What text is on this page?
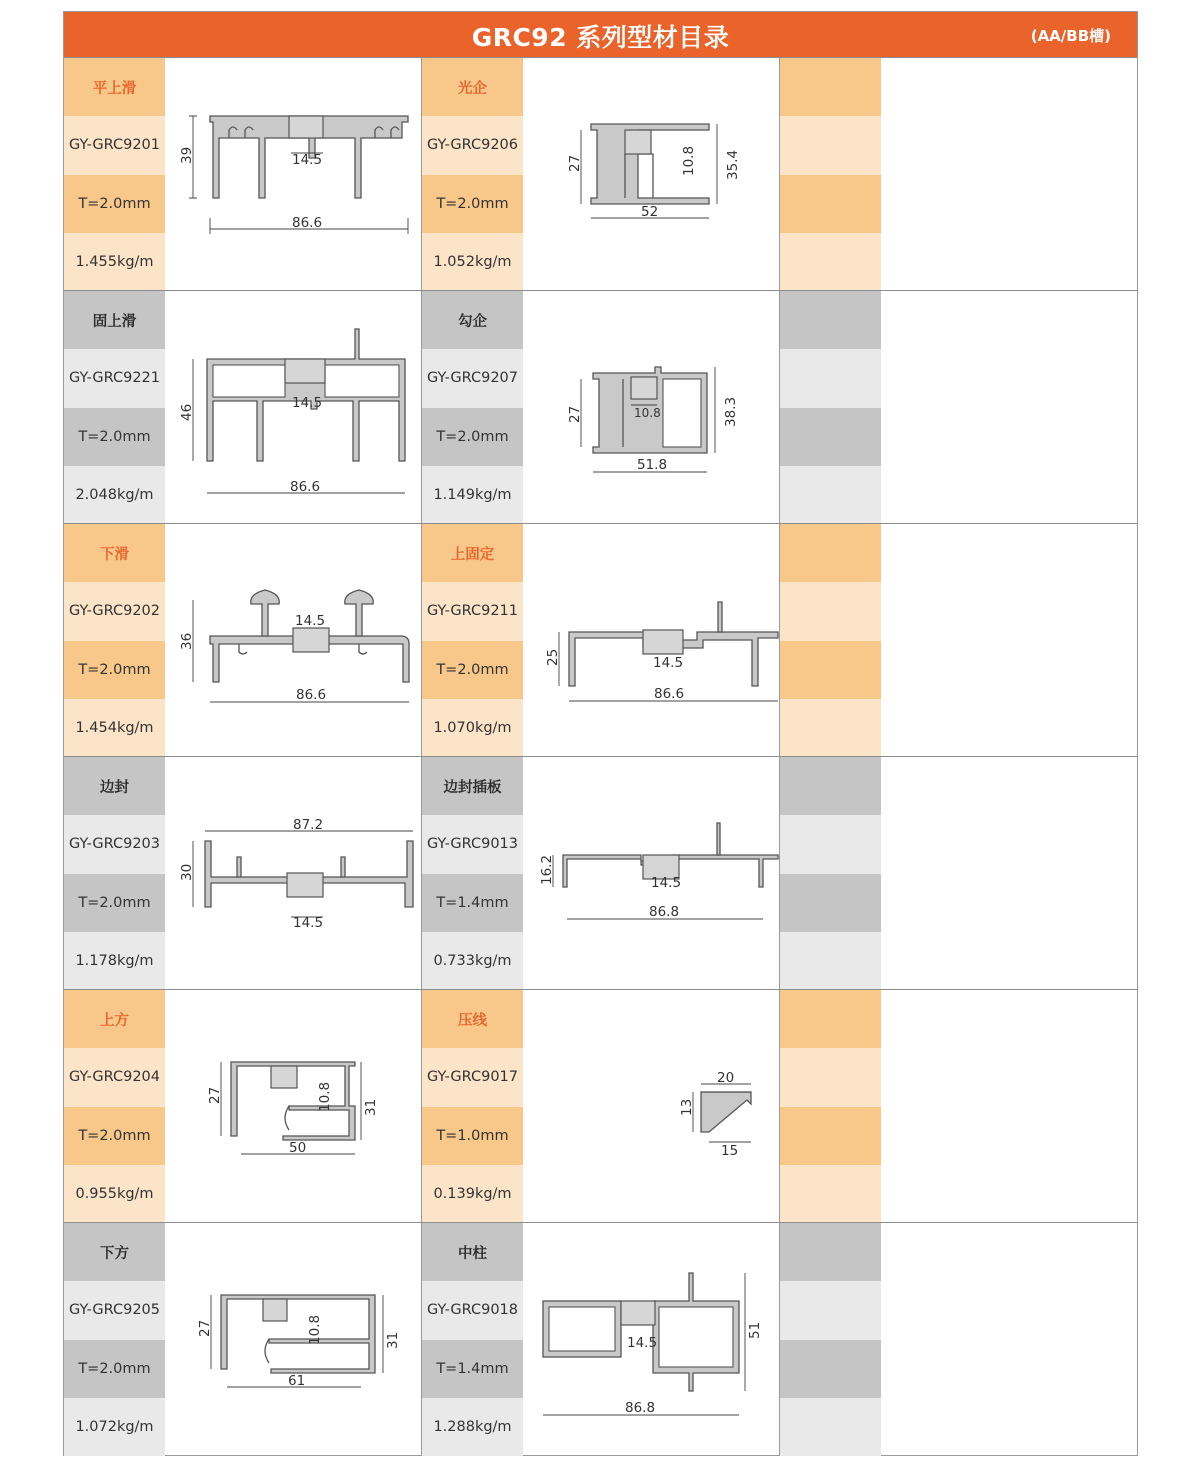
GRC92 系列型材目录	(AA/BB槽)
平上滑
GY-GRC9201
T=2.0mm
1.455kg/m
39
86.6
14.5
光企
GY-GRC9206
T=2.0mm
1.052kg/m
27	10.8 35.4
52
固上滑
GY-GRC9221
T=2.0mm
2.048kg/m
46
86.6
14.5
勾企
GY-GRC9207
T=2.0mm
1.149kg/m
27	10.8	38.3
51.8
下滑
GY-GRC9202
T=2.0mm
1.454kg/m
36
86.6
14.5
上固定
GY-GRC9211
T=2.0mm
1.070kg/m
25
86.6
14.5
边封
GY-GRC9203
T=2.0mm
1.178kg/m
30
87.2
14.5
边封插板
GY-GRC9013
T=1.4mm
0.733kg/m
16.2
86.8
14.5
上方
GY-GRC9204
T=2.0mm
0.955kg/m
27	10.8 31
50
压线
GY-GRC9017
T=1.0mm
0.139kg/m
20
13
15
下方
GY-GRC9205
T=2.0mm
1.072kg/m
27	10.8	31
61
中柱
GY-GRC9018
T=1.4mm
1.288kg/m
51
86.8
14.5
